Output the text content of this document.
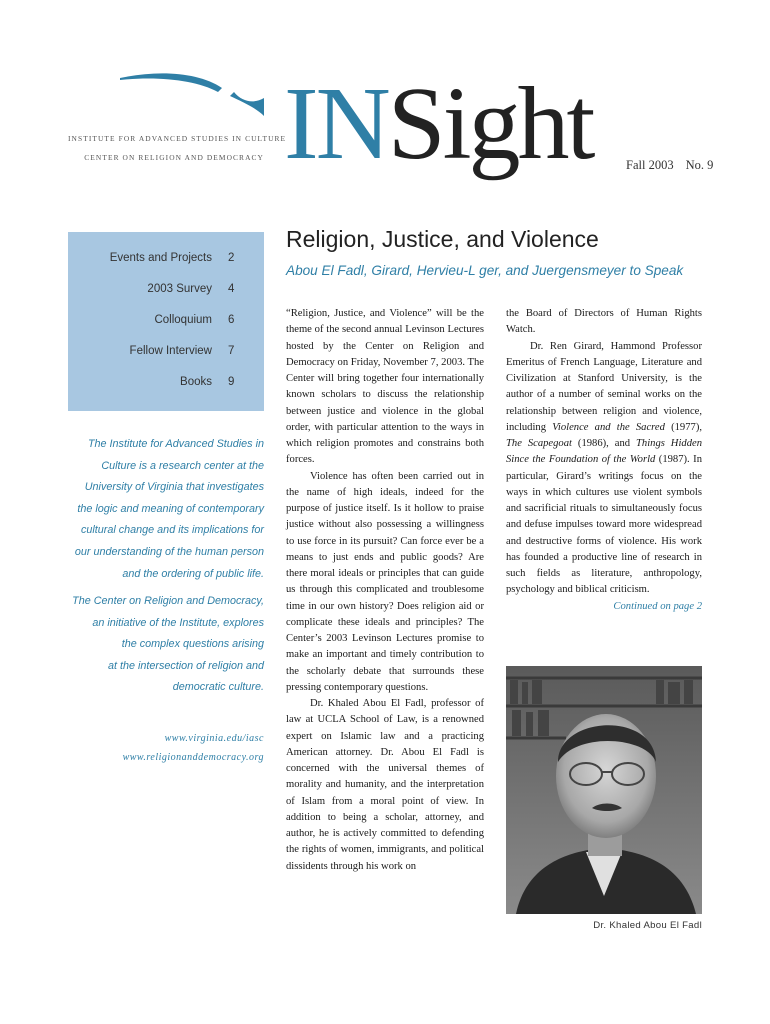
INSTITUTE FOR ADVANCED STUDIES IN CULTURE
CENTER ON RELIGION AND DEMOCRACY INSight	Fall 2003 No. 9
Events and Projects 2
2003 Survey 4
Colloquium 6
Fellow Interview 7
Books 9

The Institute for Advanced Studies in

Culture is a research center at the

University of Virginia that investigates

the logic and meaning of contemporary

cultural change and its implications for

our understanding of the human person

and the ordering of public life.

The Center on Religion and Democracy,

an initiative of the Institute, explores

the complex questions arising

at the intersection of religion and

democratic culture.

www.virginia.edu/iasc
www.religionanddemocracy.org
Religion, Justice, and Violence
Abou El Fadl, Girard, Hervieu-L ger, and Juergensmeyer to Speak

“Religion, Justice, and Violence” will be the theme of the second annual Levinson Lectures hosted by the Center on Religion and Democracy on Friday, November 7, 2003. The Center will bring together four internationally known scholars to discuss the relationship between justice and violence in the global order, with particular attention to the ways in which religion promotes and constrains both forces.

Violence has often been carried out in the name of high ideals, indeed for the purpose of justice itself. Is it hollow to praise justice without also possessing a willingness to use force in its pursuit? Can force ever be a means to just ends and public goods? Are there moral ideals or principles that can guide us through this complicated and troublesome time in our own history? Does religion aid or complicate these ideals and principles? The Center’s 2003 Levinson Lectures promise to make an important and timely contribution to the scholarly debate that surrounds these pressing contemporary questions.

Dr. Khaled Abou El Fadl, professor of law at UCLA School of Law, is a renowned expert on Islamic law and a practicing American attorney. Dr. Abou El Fadl is concerned with the universal themes of morality and humanity, and the interpretation of Islam from a moral point of view. In addition to being a scholar, attorney, and author, he is actively committed to defending the rights of women, immigrants, and political dissidents through his work on

the Board of Directors of Human Rights Watch.

Dr. Ren Girard, Hammond Professor Emeritus of French Language, Literature and Civilization at Stanford University, is the author of a number of seminal works on the relationship between religion and violence, including Violence and the Sacred (1977), The Scapegoat (1986), and Things Hidden Since the Foundation of the World (1987). In particular, Girard’s writings focus on the ways in which cultures use violent symbols and sacrificial rituals to simultaneously focus and defuse impulses toward more widespread and destructive forms of violence. His work has founded a productive line of research in such fields as literature, anthropology, psychology and biblical criticism.

Continued on page 2

Dr. Khaled Abou El Fadl
